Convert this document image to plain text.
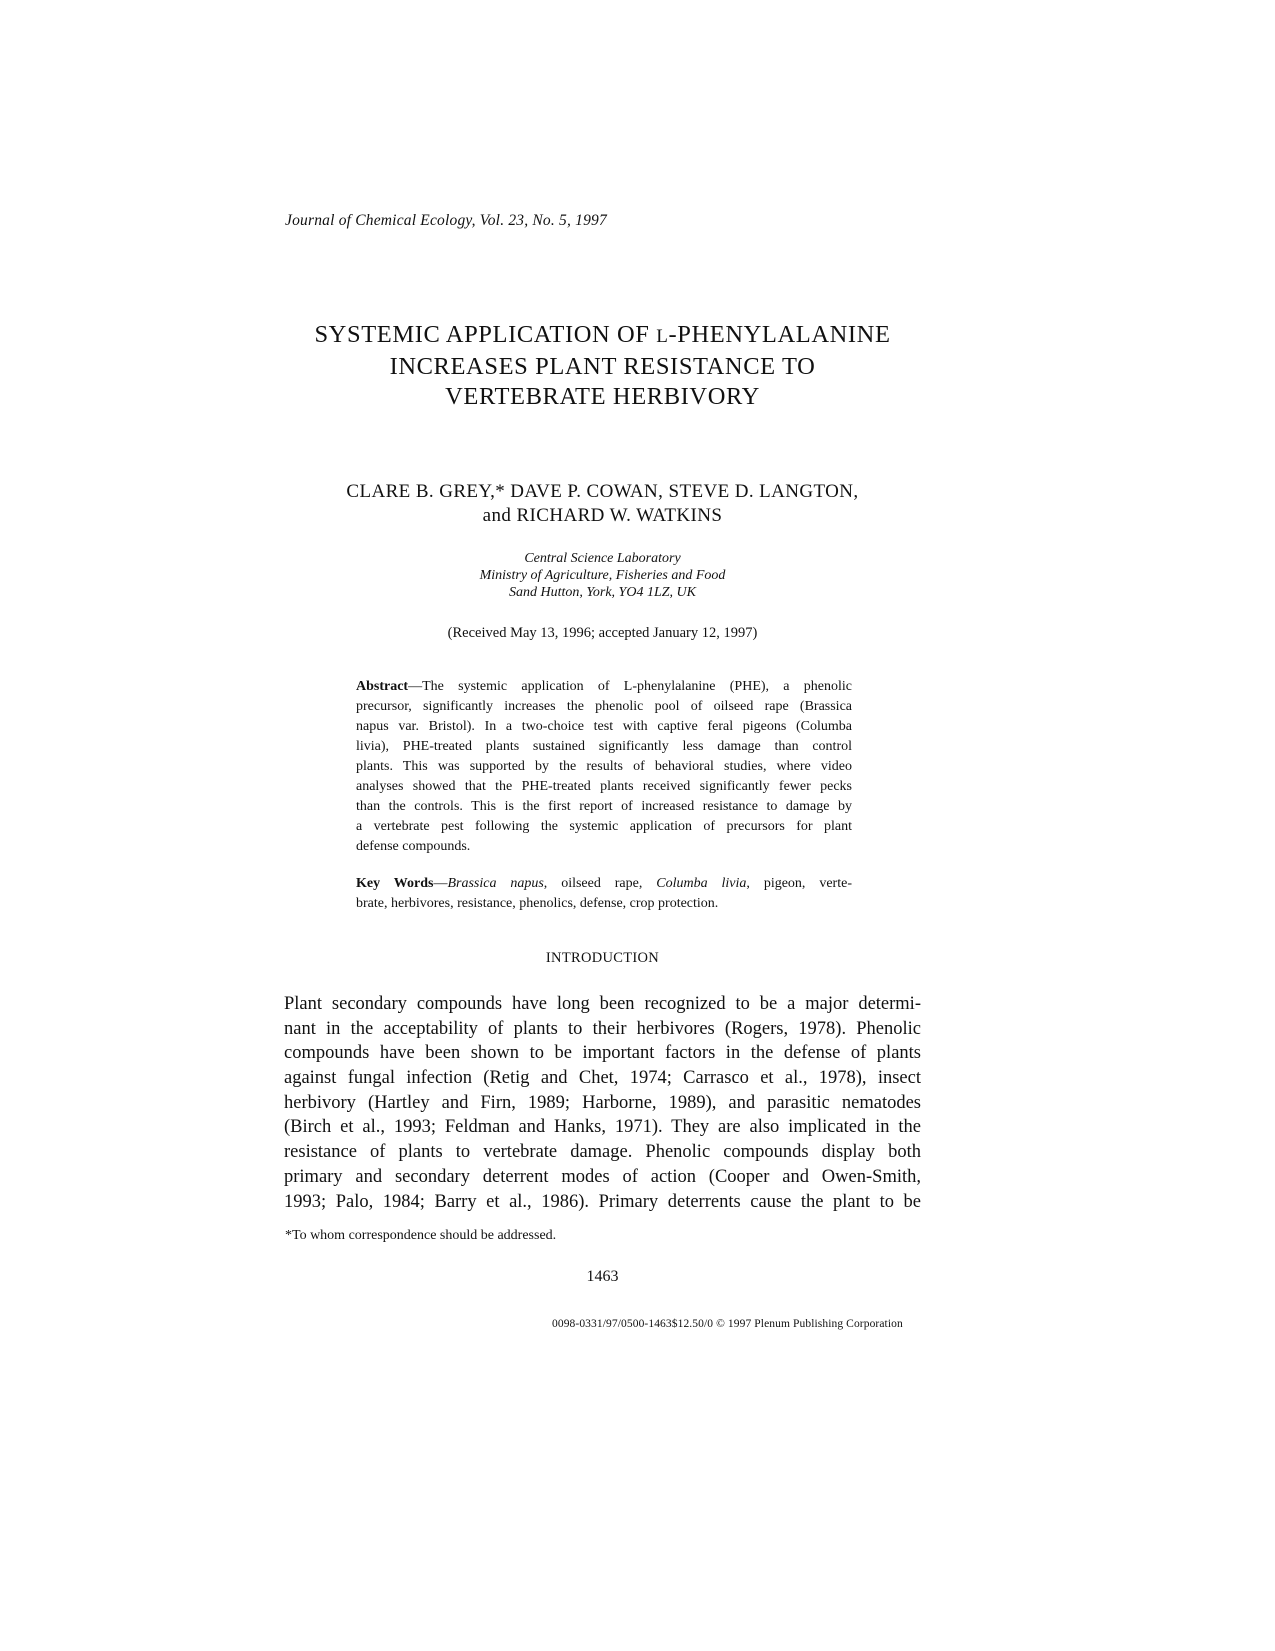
Journal of Chemical Ecology, Vol. 23, No. 5, 1997
SYSTEMIC APPLICATION OF L-PHENYLALANINE
INCREASES PLANT RESISTANCE TO
VERTEBRATE HERBIVORY
CLARE B. GREY,* DAVE P. COWAN, STEVE D. LANGTON,
and RICHARD W. WATKINS
Central Science Laboratory
Ministry of Agriculture, Fisheries and Food
Sand Hutton, York, YO4 1LZ, UK
(Received May 13, 1996; accepted January 12, 1997)
Abstract—The systemic application of L-phenylalanine (PHE), a phenolic
precursor, significantly increases the phenolic pool of oilseed rape (Brassica
napus var. Bristol). In a two-choice test with captive feral pigeons (Columba
livia), PHE-treated plants sustained significantly less damage than control
plants. This was supported by the results of behavioral studies, where video
analyses showed that the PHE-treated plants received significantly fewer pecks
than the controls. This is the first report of increased resistance to damage by
a vertebrate pest following the systemic application of precursors for plant
defense compounds.
Key Words—Brassica napus, oilseed rape, Columba livia, pigeon, verte-
brate, herbivores, resistance, phenolics, defense, crop protection.
INTRODUCTION
Plant secondary compounds have long been recognized to be a major determi-
nant in the acceptability of plants to their herbivores (Rogers, 1978). Phenolic
compounds have been shown to be important factors in the defense of plants
against fungal infection (Retig and Chet, 1974; Carrasco et al., 1978), insect
herbivory (Hartley and Firn, 1989; Harborne, 1989), and parasitic nematodes
(Birch et al., 1993; Feldman and Hanks, 1971). They are also implicated in the
resistance of plants to vertebrate damage. Phenolic compounds display both
primary and secondary deterrent modes of action (Cooper and Owen-Smith,
1993; Palo, 1984; Barry et al., 1986). Primary deterrents cause the plant to be
*To whom correspondence should be addressed.
1463
0098-0331/97/0500-1463$12.50/0 © 1997 Plenum Publishing Corporation
